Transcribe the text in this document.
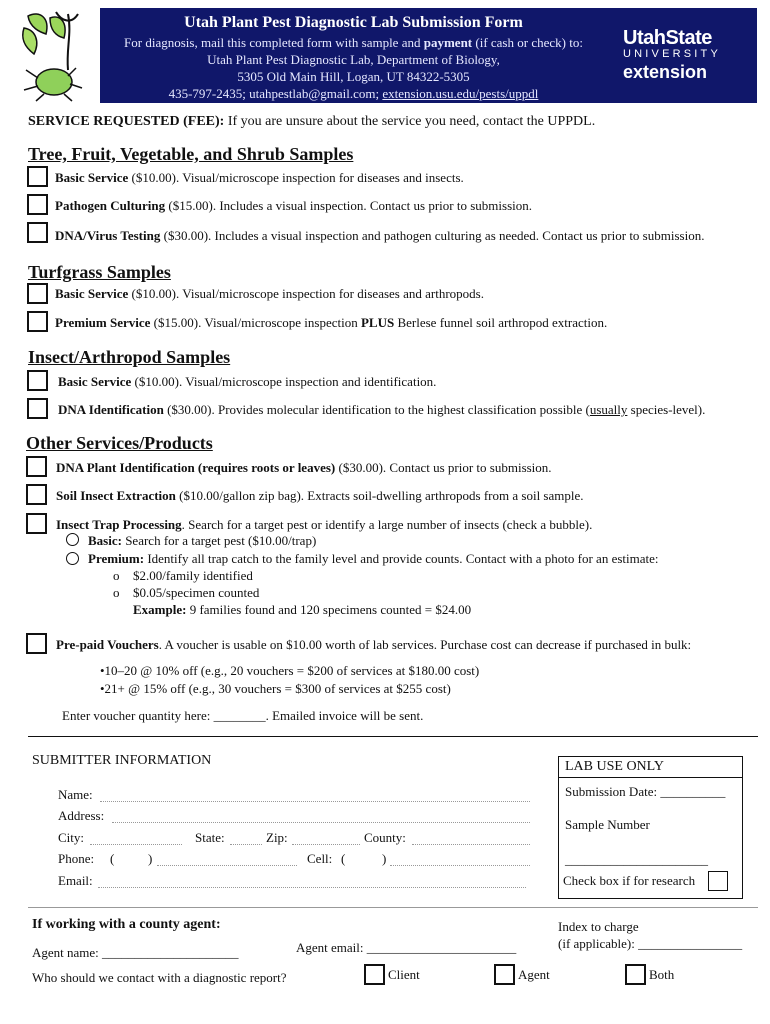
Utah Plant Pest Diagnostic Lab Submission Form
For diagnosis, mail this completed form with sample and payment (if cash or check) to:
Utah Plant Pest Diagnostic Lab, Department of Biology,
5305 Old Main Hill, Logan, UT 84322-5305
435-797-2435; utahpestlab@gmail.com; extension.usu.edu/pests/uppdl
UtahState
UNIVERSITY
extension
SERVICE REQUESTED (FEE): If you are unsure about the service you need, contact the UPPDL.
Tree, Fruit, Vegetable, and Shrub Samples
Basic Service ($10.00). Visual/microscope inspection for diseases and insects.
Pathogen Culturing ($15.00). Includes a visual inspection. Contact us prior to submission.
DNA/Virus Testing ($30.00). Includes a visual inspection and pathogen culturing as needed. Contact us prior to submission.
Turfgrass Samples
Basic Service ($10.00). Visual/microscope inspection for diseases and arthropods.
Premium Service ($15.00). Visual/microscope inspection PLUS Berlese funnel soil arthropod extraction.
Insect/Arthropod Samples
Basic Service ($10.00). Visual/microscope inspection and identification.
DNA Identification ($30.00). Provides molecular identification to the highest classification possible (usually species-level).
Other Services/Products
DNA Plant Identification (requires roots or leaves) ($30.00). Contact us prior to submission.
Soil Insect Extraction ($10.00/gallon zip bag). Extracts soil-dwelling arthropods from a soil sample.
Insect Trap Processing. Search for a target pest or identify a large number of insects (check a bubble).
Basic: Search for a target pest ($10.00/trap)
Premium: Identify all trap catch to the family level and provide counts. Contact with a photo for an estimate:
o $2.00/family identified
o $0.05/specimen counted
Example: 9 families found and 120 specimens counted = $24.00
Pre-paid Vouchers. A voucher is usable on $10.00 worth of lab services. Purchase cost can decrease if purchased in bulk:
•10–20 @ 10% off (e.g., 20 vouchers = $200 of services at $180.00 cost)
•21+ @ 15% off (e.g., 30 vouchers = $300 of services at $255 cost)
Enter voucher quantity here: ________. Emailed invoice will be sent.
SUBMITTER INFORMATION
Name:
Address:
City:	State:	Zip:	County:
Phone: (	)	Cell: (	)
Email:
LAB USE ONLY
Submission Date: __________
Sample Number
______________________
Check box if for research
If working with a county agent:
Agent name: _____________________	Agent email: _______________________
Index to charge
(if applicable): ________________
Who should we contact with a diagnostic report?	Client	Agent	Both
